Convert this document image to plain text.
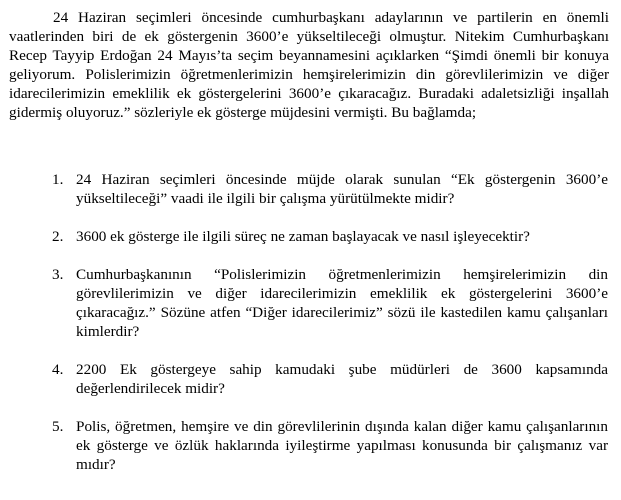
24 Haziran seçimleri öncesinde cumhurbaşkanı adaylarının ve partilerin en önemli vaatlerinden biri de ek göstergenin 3600’e yükseltileceği olmuştur. Nitekim Cumhurbaşkanı Recep Tayyip Erdoğan 24 Mayıs’ta seçim beyannamesini açıklarken “Şimdi önemli bir konuya geliyorum. Polislerimizin öğretmenlerimizin hemşirelerimizin din görevlilerimizin ve diğer idarecilerimizin emeklilik ek göstergelerini 3600’e çıkaracağız. Buradaki adaletsizliği inşallah gidermiş oluyoruz.” sözleriyle ek gösterge müjdesini vermişti. Bu bağlamda;

1. 24 Haziran seçimleri öncesinde müjde olarak sunulan “Ek göstergenin 3600’e yükseltileceği” vaadi ile ilgili bir çalışma yürütülmekte midir?
2. 3600 ek gösterge ile ilgili süreç ne zaman başlayacak ve nasıl işleyecektir?
3. Cumhurbaşkanının “Polislerimizin öğretmenlerimizin hemşirelerimizin din görevlilerimizin ve diğer idarecilerimizin emeklilik ek göstergelerini 3600’e çıkaracağız.” Sözüne atfen “Diğer idarecilerimiz” sözü ile kastedilen kamu çalışanları kimlerdir?
4. 2200 Ek göstergeye sahip kamudaki şube müdürleri de 3600 kapsamında değerlendirilecek midir?
5. Polis, öğretmen, hemşire ve din görevlilerinin dışında kalan diğer kamu çalışanlarının ek gösterge ve özlük haklarında iyileştirme yapılması konusunda bir çalışmanız var mıdır?
